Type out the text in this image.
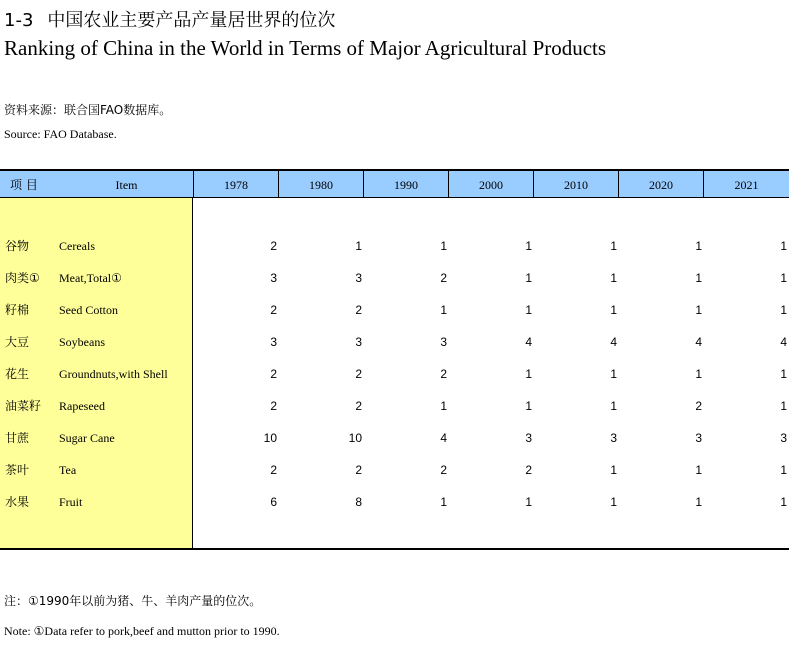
1-3 中国农业主要产品产量居世界的位次
Ranking of China in the World in Terms of Major Agricultural Products
资料来源：联合国FAO数据库。
Source: FAO Database.
项 目	Item	1978	1980	1990	2000	2010	2020	2021
谷物 Cereals	2	1	1	1	1	1	1
肉类① Meat,Total①	3	3	2	1	1	1	1
籽棉 Seed Cotton	2	2	1	1	1	1	1
大豆 Soybeans	3	3	3	4	4	4	4
花生 Groundnuts,with Shell	2	2	2	1	1	1	1
油菜籽 Rapeseed	2	2	1	1	1	2	1
甘蔗 Sugar Cane	10	10	4	3	3	3	3
茶叶 Tea	2	2	2	2	1	1	1
水果 Fruit	6	8	1	1	1	1	1
注：①1990年以前为猪、牛、羊肉产量的位次。
Note: ①Data refer to pork,beef and mutton prior to 1990.
